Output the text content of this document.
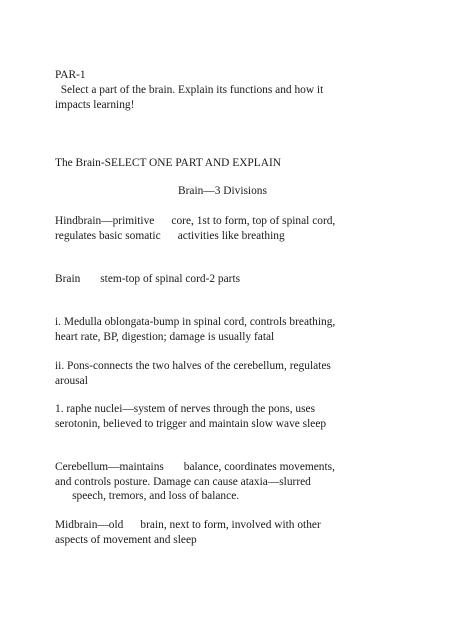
PAR-1

Select a part of the brain. Explain its functions and how it

impacts learning!

The Brain-SELECT ONE PART AND EXPLAIN

Brain—3 Divisions

Hindbrain—primitive      core, 1st to form, top of spinal cord,

regulates basic somatic      activities like breathing

Brain       stem-top of spinal cord-2 parts

i. Medulla oblongata-bump in spinal cord, controls breathing,

heart rate, BP, digestion; damage is usually fatal

ii. Pons-connects the two halves of the cerebellum, regulates

arousal

1. raphe nuclei—system of nerves through the pons, uses

serotonin, believed to trigger and maintain slow wave sleep

Cerebellum—maintains       balance, coordinates movements,

and controls posture. Damage can cause ataxia—slurred

speech, tremors, and loss of balance.

Midbrain—old      brain, next to form, involved with other

aspects of movement and sleep
